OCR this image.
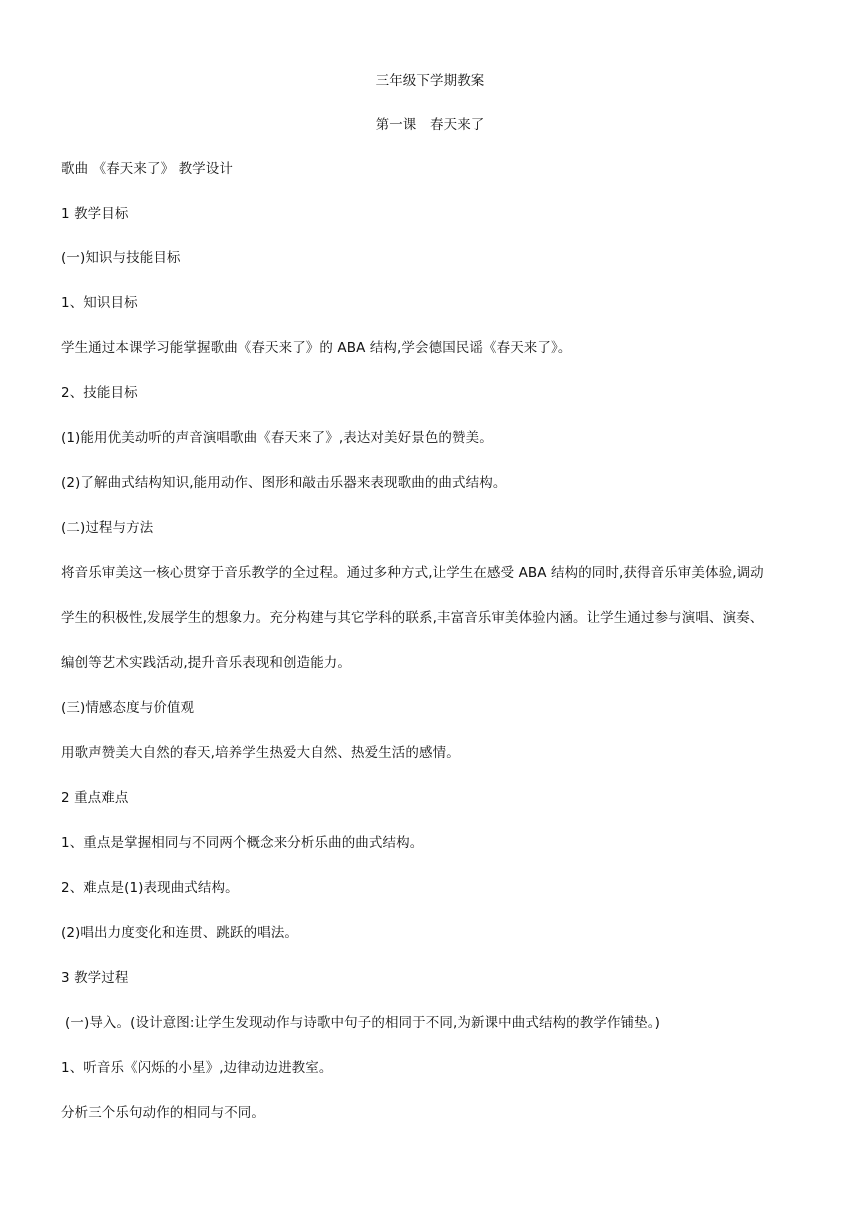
三年级下学期教案
第一课　春天来了
歌曲 《春天来了》 教学设计
1 教学目标
(一)知识与技能目标
1、知识目标
学生通过本课学习能掌握歌曲《春天来了》的 ABA 结构,学会德国民谣《春天来了》。
2、技能目标
(1)能用优美动听的声音演唱歌曲《春天来了》,表达对美好景色的赞美。
(2)了解曲式结构知识,能用动作、图形和敲击乐器来表现歌曲的曲式结构。
(二)过程与方法
将音乐审美这一核心贯穿于音乐教学的全过程。通过多种方式,让学生在感受 ABA 结构的同时,获得音乐审美体验,调动
学生的积极性,发展学生的想象力。充分构建与其它学科的联系,丰富音乐审美体验内涵。让学生通过参与演唱、演奏、
编创等艺术实践活动,提升音乐表现和创造能力。
(三)情感态度与价值观
用歌声赞美大自然的春天,培养学生热爱大自然、热爱生活的感情。
2 重点难点
1、重点是掌握相同与不同两个概念来分析乐曲的曲式结构。
2、难点是(1)表现曲式结构。
(2)唱出力度变化和连贯、跳跃的唱法。
3 教学过程
(一)导入。(设计意图:让学生发现动作与诗歌中句子的相同于不同,为新课中曲式结构的教学作铺垫。)
1、听音乐《闪烁的小星》,边律动边进教室。
分析三个乐句动作的相同与不同。
